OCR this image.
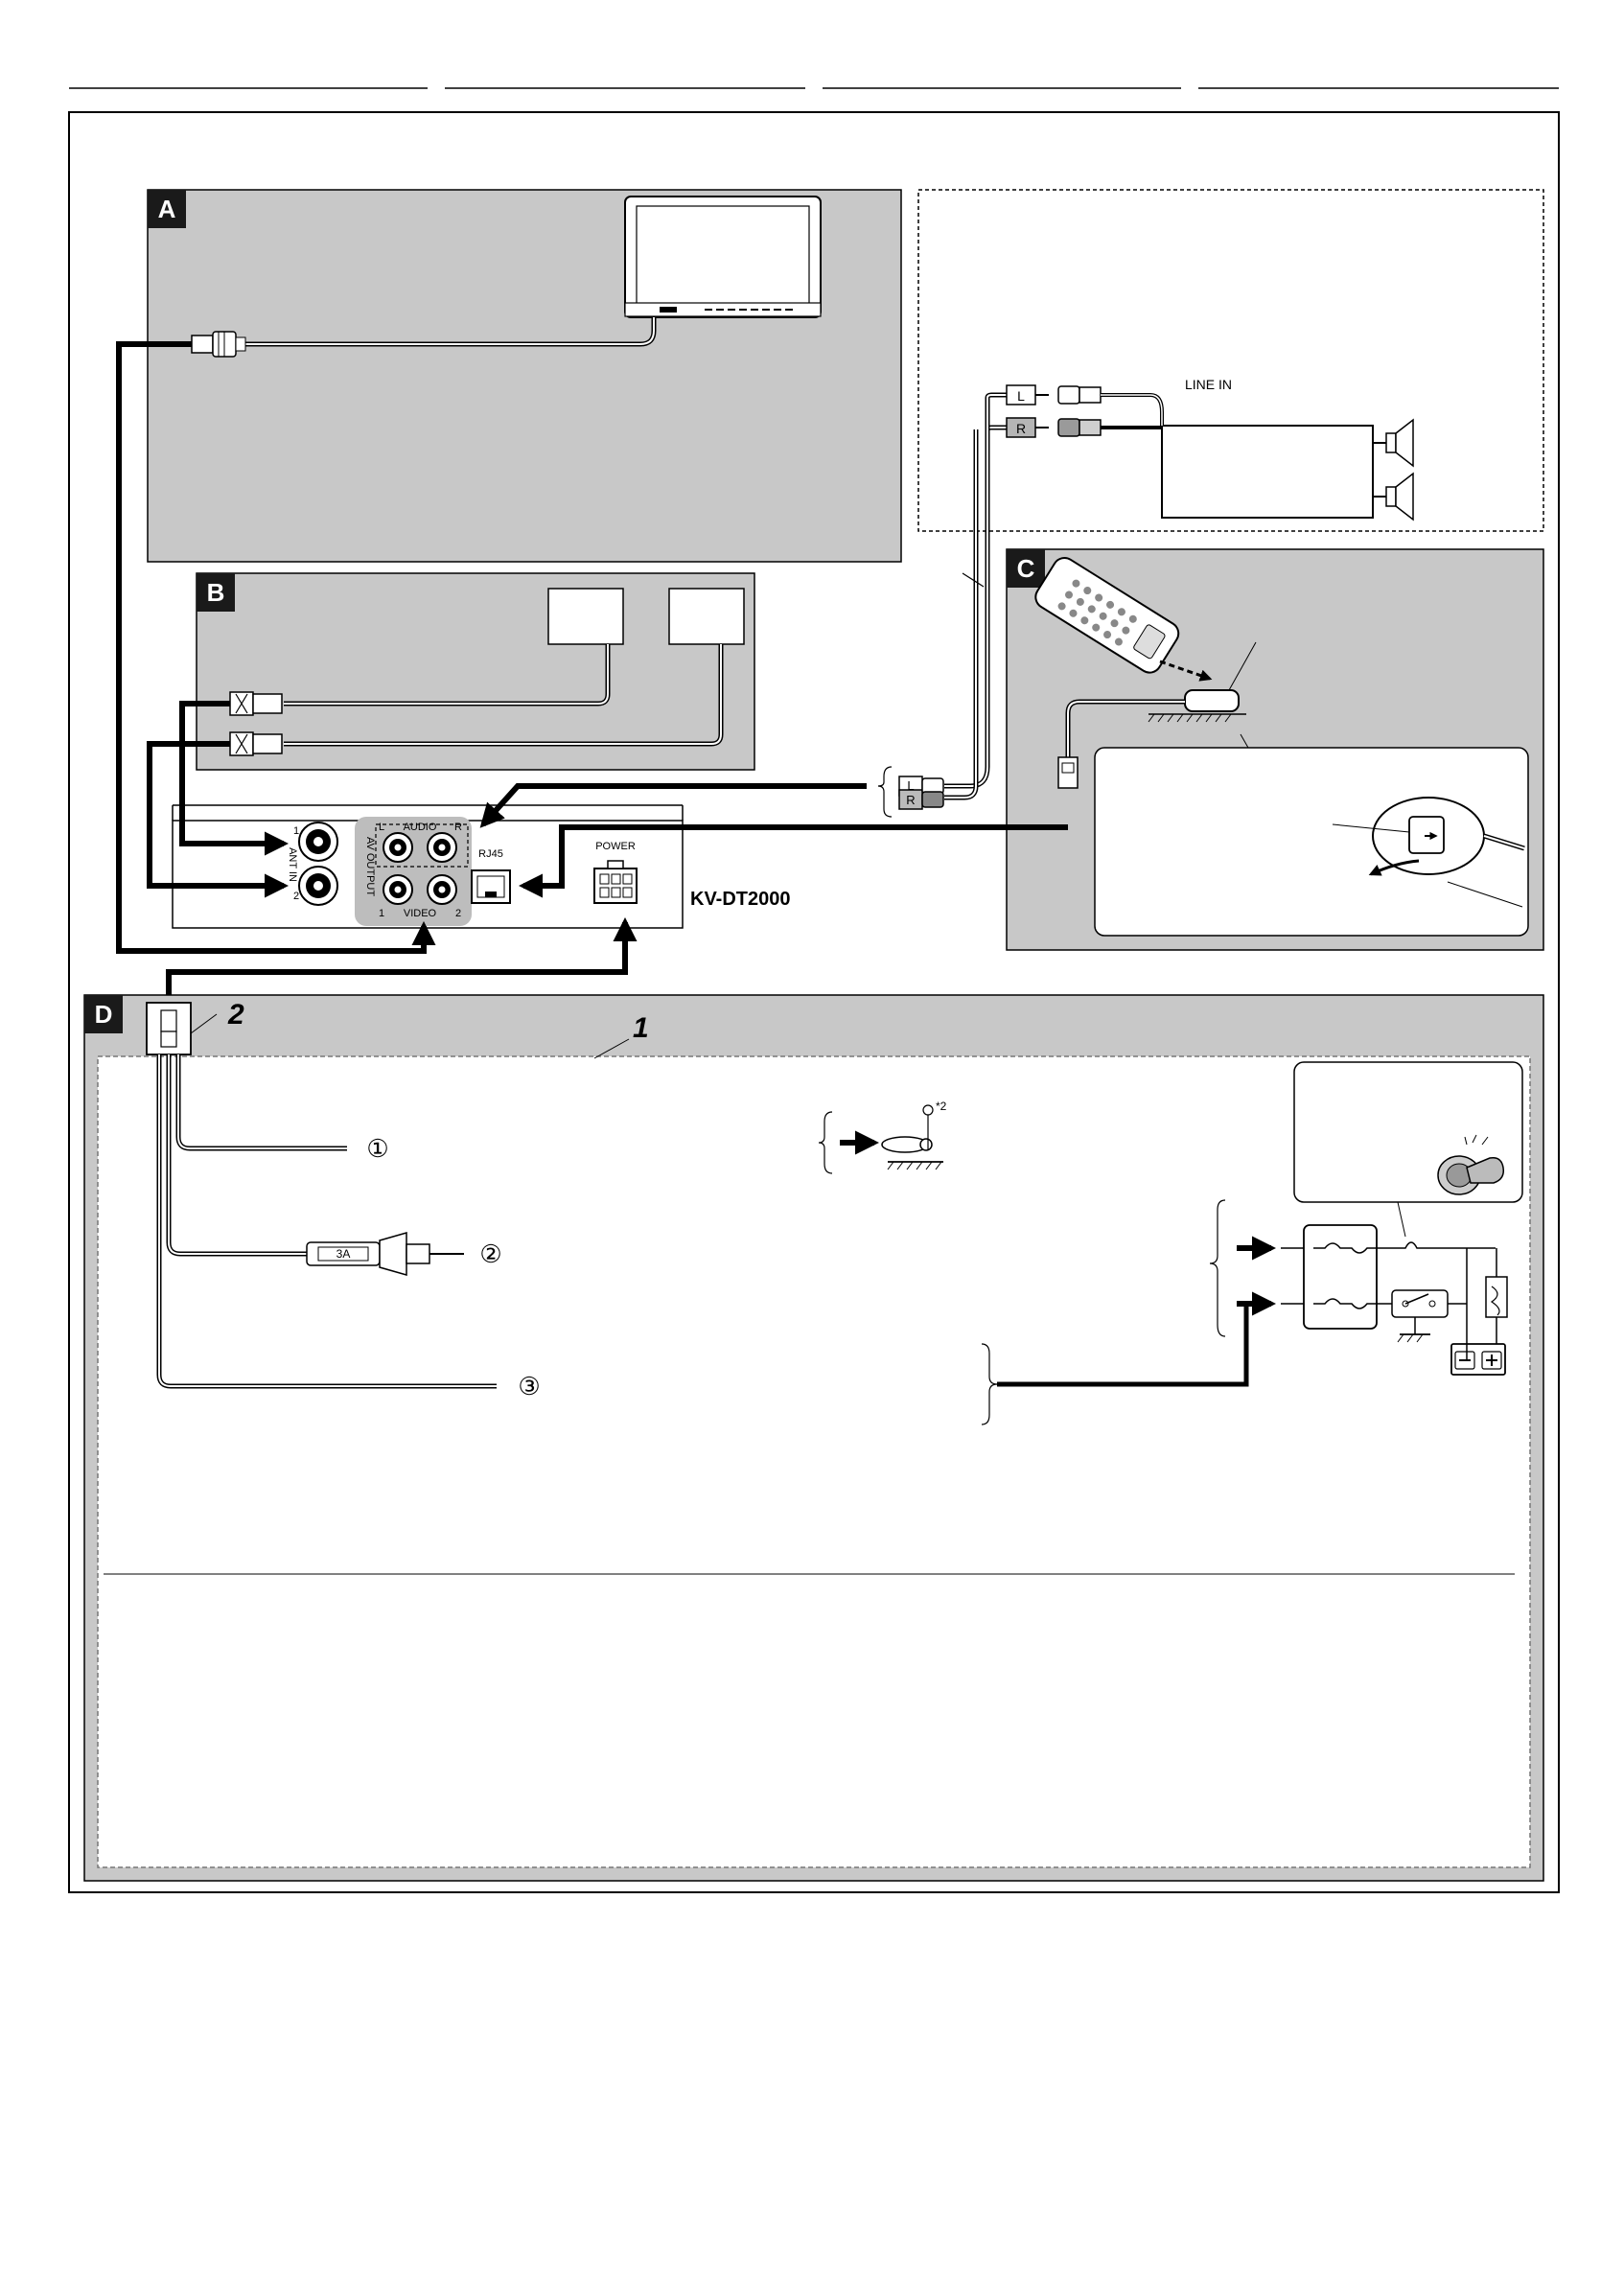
A
LINE IN
L
R
B
C
L
R
1
2
ANT IN	AV OUTPUT
L AUDIO R
1 VIDEO 2
RJ45
POWER
KV-DT2000
D	2	1
3A
①
②
③
*2
